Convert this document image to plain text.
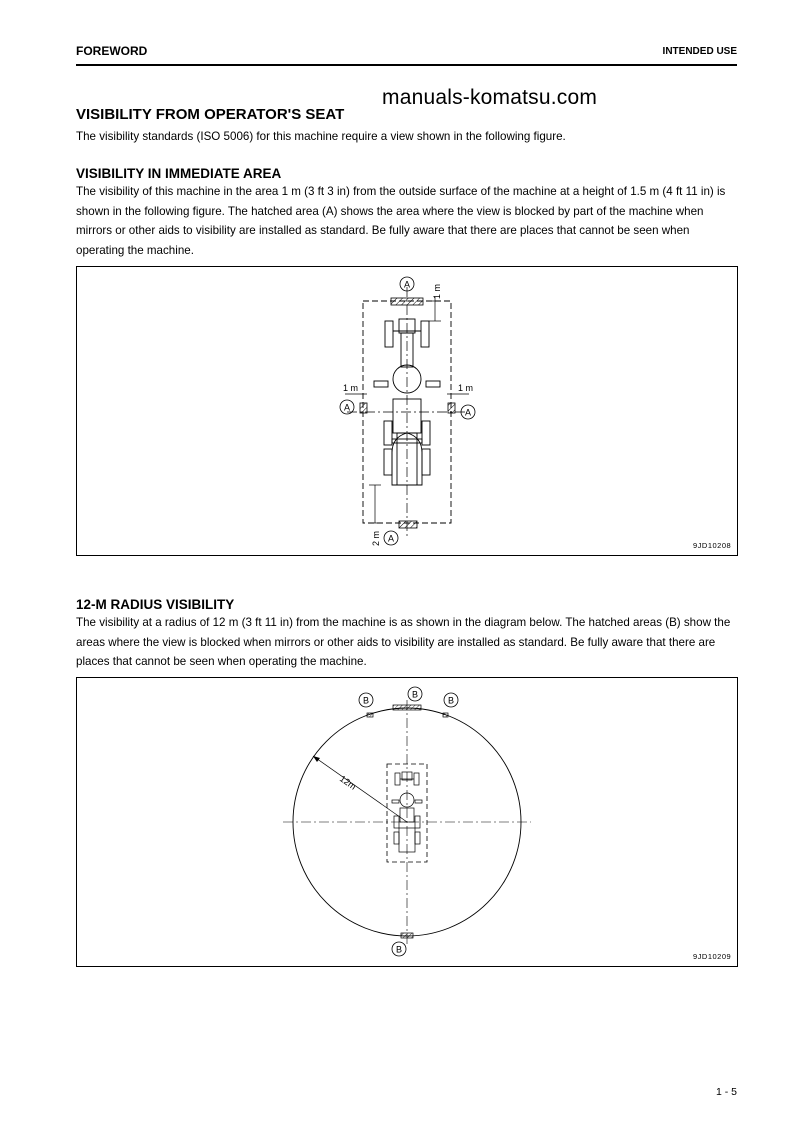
FOREWORD	INTENDED USE
manuals-komatsu.com
VISIBILITY FROM OPERATOR'S SEAT

The visibility standards (ISO 5006) for this machine require a view shown in the following figure.

VISIBILITY IN IMMEDIATE AREA

The visibility of this machine in the area 1 m (3 ft 3 in) from the outside surface of the machine at a height of 1.5 m (4 ft 11 in) is shown in the following figure. The hatched area (A) shows the area where the view is blocked by part of the machine when mirrors or other aids to visibility are installed as standard. Be fully aware that there are places that cannot be seen when operating the machine.

A
A	A
A
1 m
1 m	1 m
2 m	9JD10208
12-M RADIUS VISIBILITY

The visibility at a radius of 12 m (3 ft 11 in) from the machine is as shown in the diagram below. The hatched areas (B) show the areas where the view is blocked when mirrors or other aids to visibility are installed as standard. Be fully aware that there are places that cannot be seen when operating the machine.

12m
B
B
B
B
9JD10209
1 - 5
